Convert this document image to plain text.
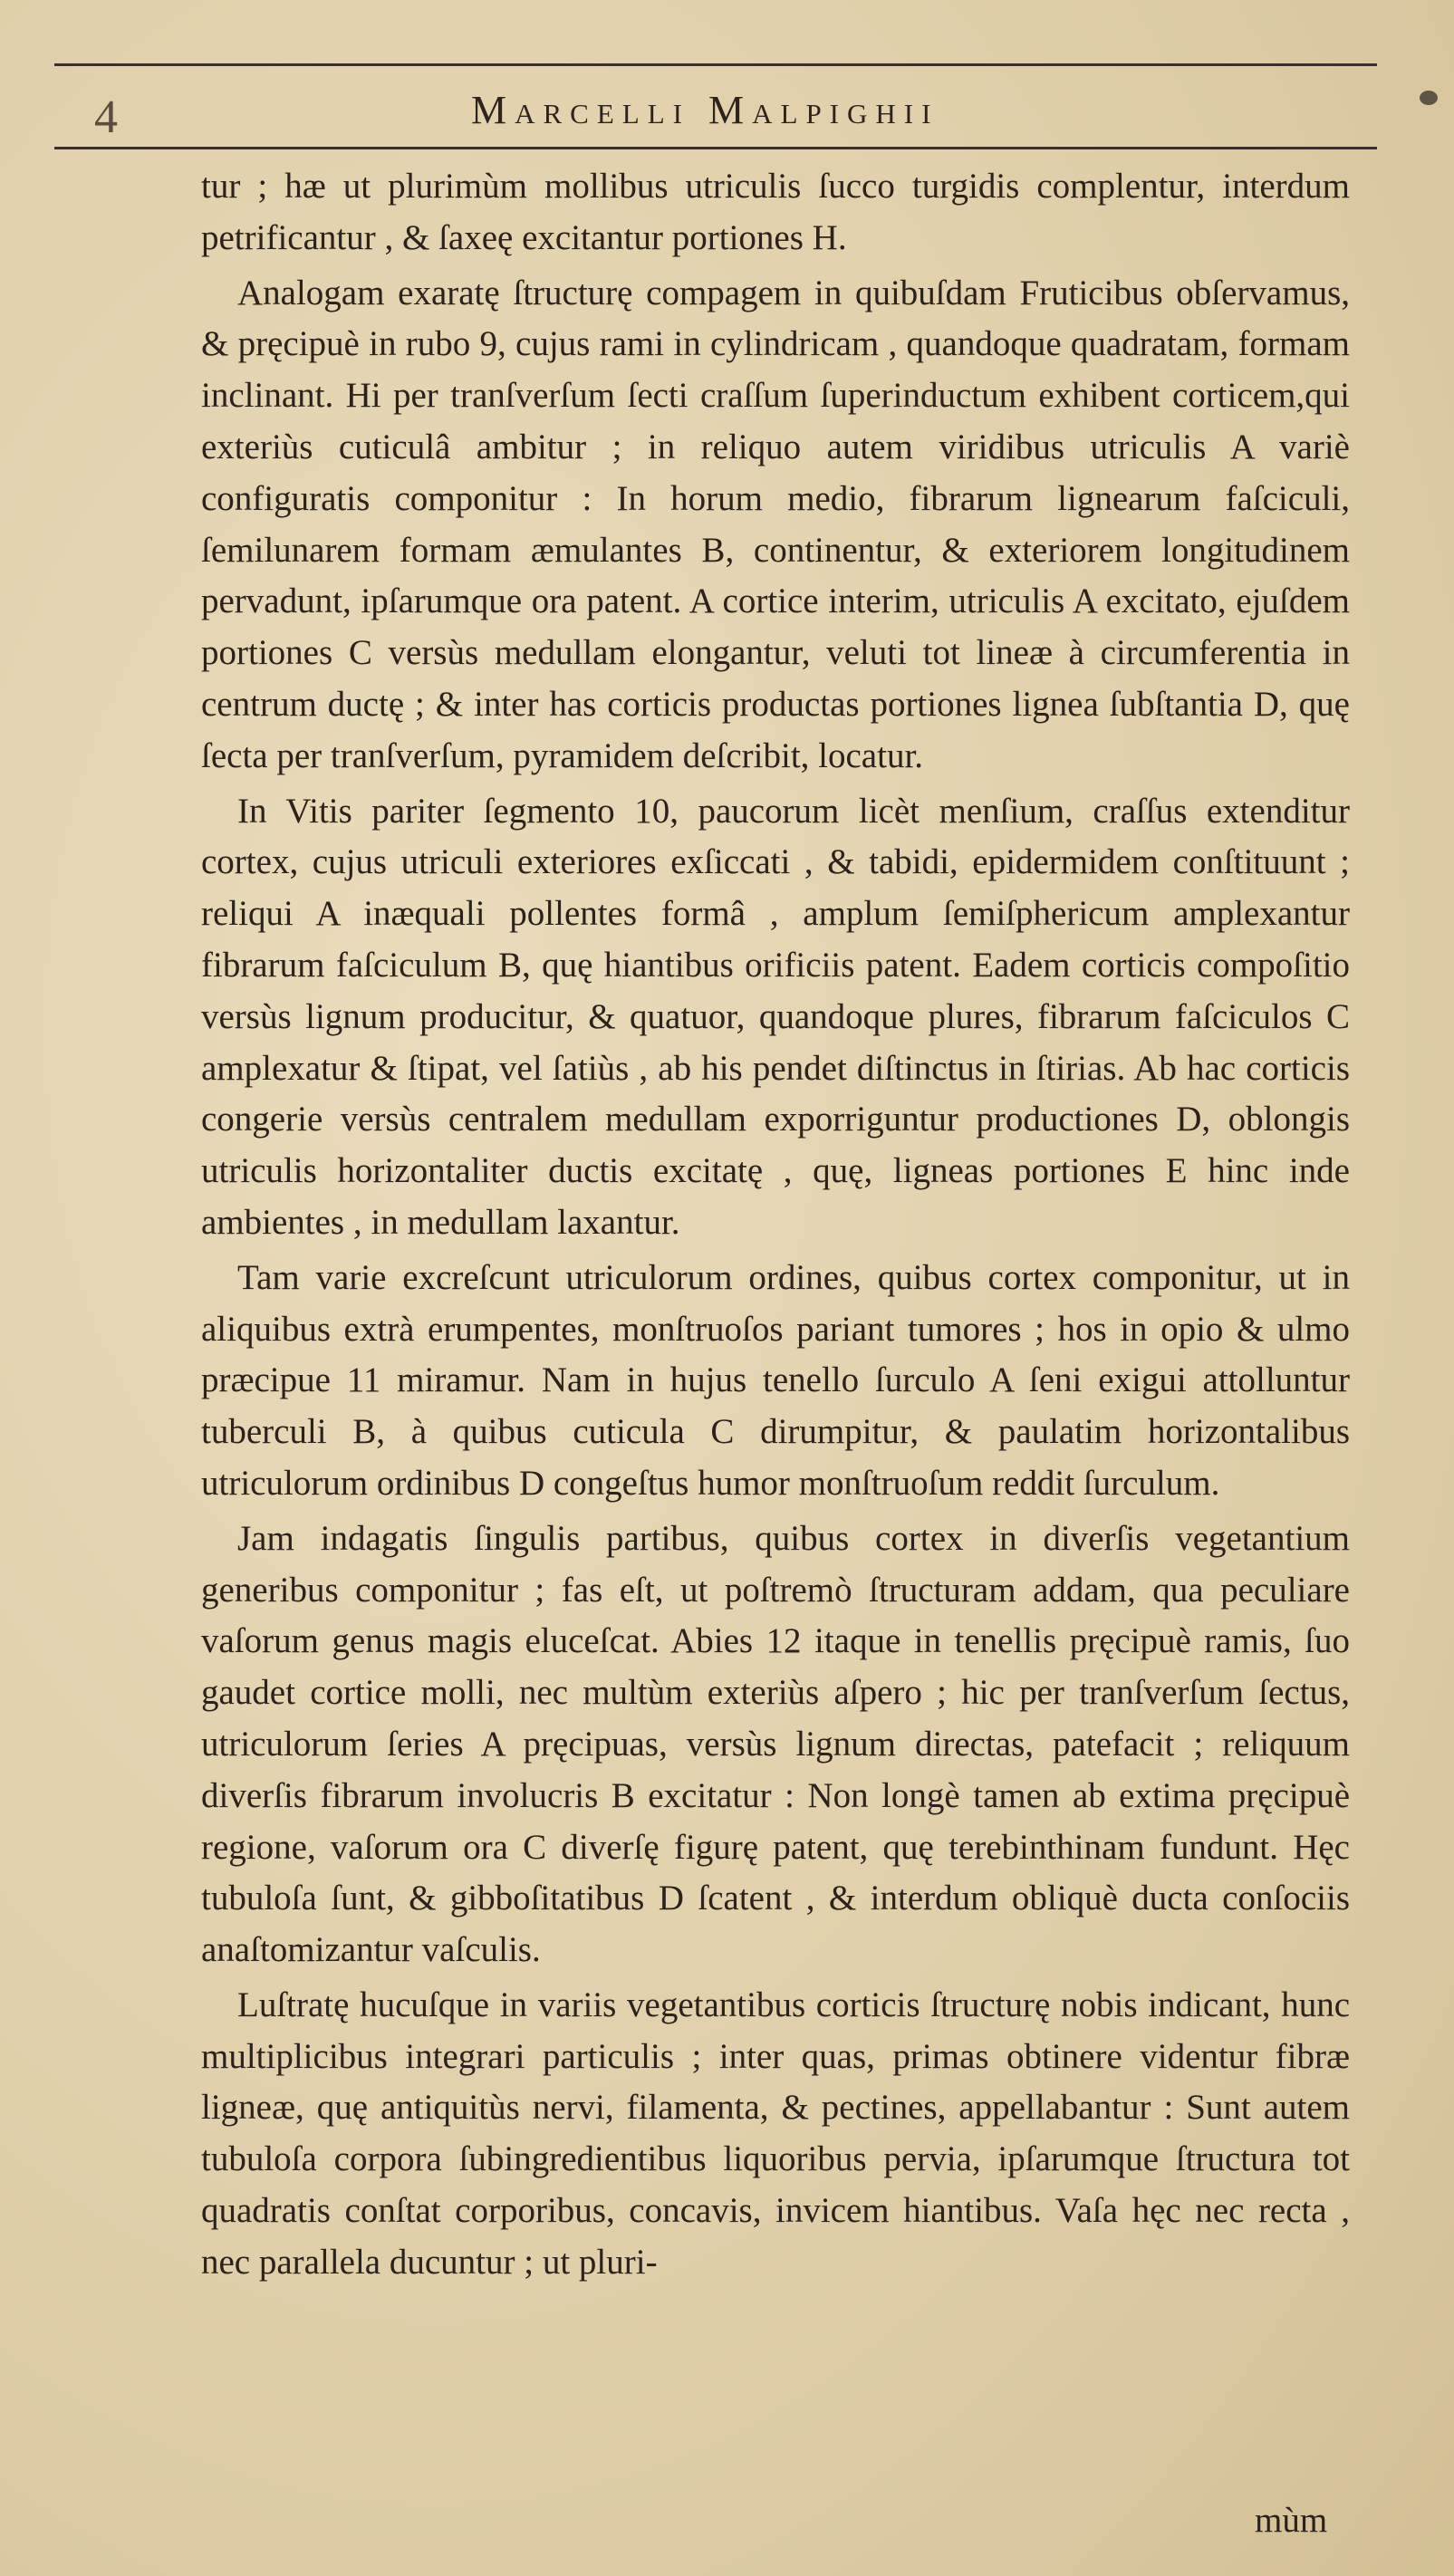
4	Marcelli Malpighii

tur ; hæ ut plurimùm mollibus utriculis ſucco turgidis complentur, interdum petrificantur , & ſaxeę excitantur portiones H.

Analogam exaratę ſtructurę compagem in quibuſdam Fruticibus obſervamus, & pręcipuè in rubo 9, cujus rami in cylindricam , quandoque quadratam, formam inclinant. Hi per tranſverſum ſecti craſſum ſuperinductum exhibent corticem,qui exteriùs cuticulâ ambitur ; in reliquo autem viridibus utriculis A variè configuratis componitur : In horum medio, fibrarum lignearum faſciculi, ſemilunarem formam æmulantes B, continentur, & exteriorem longitudinem pervadunt, ipſarumque ora patent. A cortice interim, utriculis A excitato, ejuſdem portiones C versùs medullam elongantur, veluti tot lineæ à circumferentia in centrum ductę ; & inter has corticis productas portiones lignea ſubſtantia D, quę ſecta per tranſverſum, pyramidem deſcribit, locatur.

In Vitis pariter ſegmento 10, paucorum licèt menſium, craſſus extenditur cortex, cujus utriculi exteriores exſiccati , & tabidi, epidermidem conſtituunt ; reliqui A inæquali pollentes formâ , amplum ſemiſphericum amplexantur fibrarum faſciculum B, quę hiantibus orificiis patent. Eadem corticis compoſitio versùs lignum producitur, & quatuor, quandoque plures, fibrarum faſciculos C amplexatur & ſtipat, vel ſatiùs , ab his pendet diſtinctus in ſtirias. Ab hac corticis congerie versùs centralem medullam exporriguntur productiones D, oblongis utriculis horizontaliter ductis excitatę , quę, ligneas portiones E hinc inde ambientes , in medullam laxantur.

Tam varie excreſcunt utriculorum ordines, quibus cortex componitur, ut in aliquibus extrà erumpentes, monſtruoſos pariant tumores ; hos in opio & ulmo præcipue 11 miramur. Nam in hujus tenello ſurculo A ſeni exigui attolluntur tuberculi B, à quibus cuticula C dirumpitur, & paulatim horizontalibus utriculorum ordinibus D congeſtus humor monſtruoſum reddit ſurculum.

Jam indagatis ſingulis partibus, quibus cortex in diverſis vegetantium generibus componitur ; fas eſt, ut poſtremò ſtructuram addam, qua peculiare vaſorum genus magis eluceſcat. Abies 12 itaque in tenellis pręcipuè ramis, ſuo gaudet cortice molli, nec multùm exteriùs aſpero ; hic per tranſverſum ſectus, utriculorum ſeries A pręcipuas, versùs lignum directas, patefacit ; reliquum diverſis fibrarum involucris B excitatur : Non longè tamen ab extima pręcipuè regione, vaſorum ora C diverſę figurę patent, quę terebinthinam fundunt. Hęc tubuloſa ſunt, & gibboſitatibus D ſcatent , & interdum obliquè ducta conſociis anaſtomizantur vaſculis.

Luſtratę hucuſque in variis vegetantibus corticis ſtructurę nobis indicant, hunc multiplicibus integrari particulis ; inter quas, primas obtinere videntur fibræ ligneæ, quę antiquitùs nervi, filamenta, & pectines, appellabantur : Sunt autem tubuloſa corpora ſubingredientibus liquoribus pervia, ipſarumque ſtructura tot quadratis conſtat corporibus, concavis, invicem hiantibus. Vaſa hęc nec recta , nec parallela ducuntur ; ut pluri-

mùm
